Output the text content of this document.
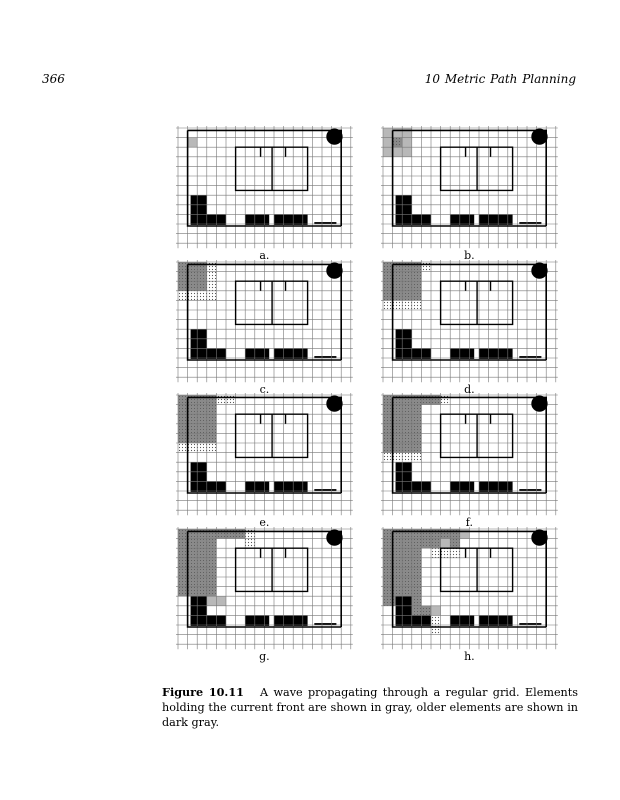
366	10 Metric Path Planning
a.	b.
c.	d.
e.	f.
g.	h.
Figure 10.11 A wave propagating through a regular grid. Elements holding the current front are shown in gray, older elements are shown in dark gray.
